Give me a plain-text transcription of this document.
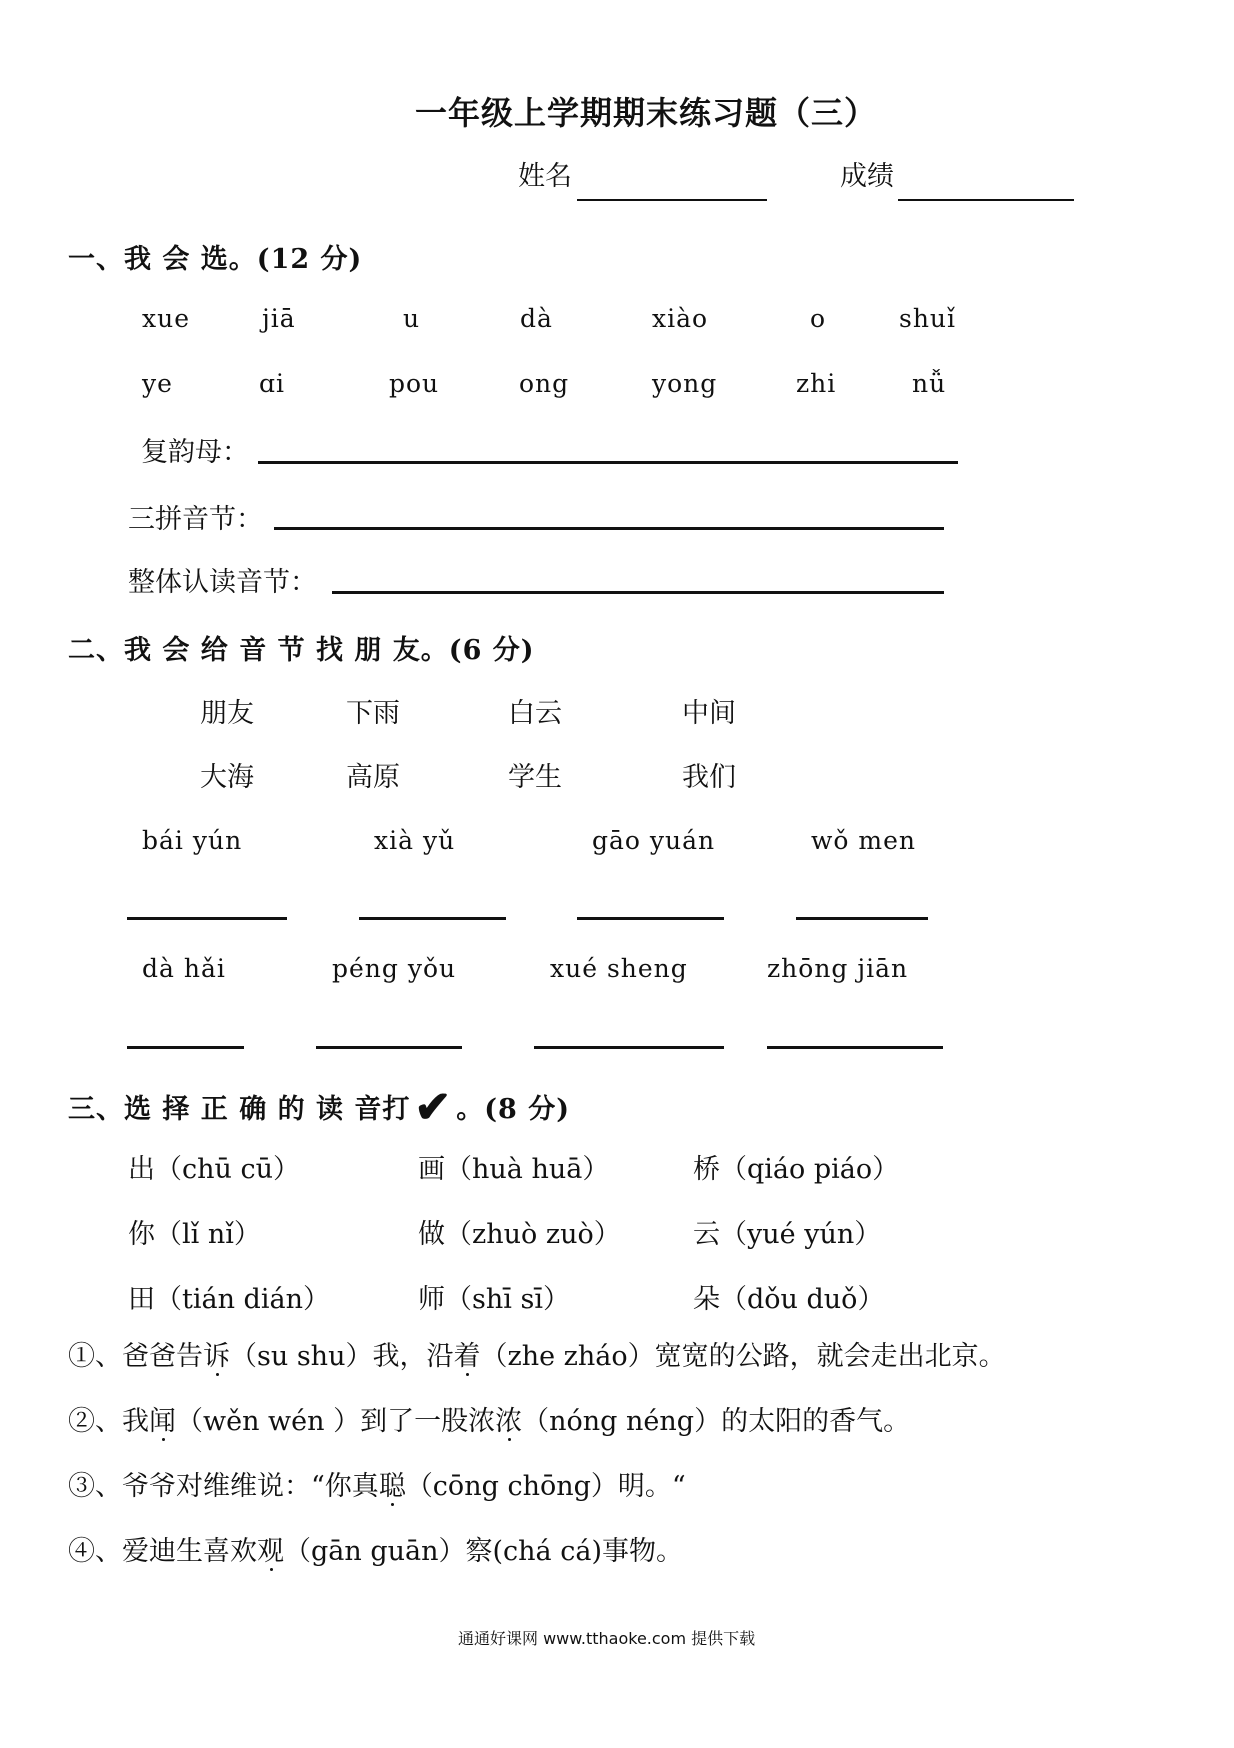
一年级上学期期末练习题（三）
姓名	成绩
一、我 会 选。(12 分)
xue	jiā	u	dà	xiào	o	shuǐ
ye	ɑi	pou	ong	yong	zhi	nǚ
复韵母：
三拼音节：
整体认读音节：
二、我 会 给 音 节 找 朋 友。(6 分)
朋友	下雨	白云	中间
大海	高原	学生	我们
bái yún	xià yǔ	gāo yuán	wǒ men
dà hǎi	péng yǒu	xué sheng	zhōng jiān
三、选 择 正 确 的 读 音打✔ 。(8 分)
出（chū cū）	画（huà huā）	桥（qiáo piáo）
你（lǐ nǐ）	做（zhuò zuò）	云（yué yún）
田（tián dián）	师（shī sī）	朵（dǒu duǒ）
①、爸爸告诉（su shu）我，沿着（zhe zháo）宽宽的公路，就会走出北京。
②、我闻（wěn wén ）到了一股浓浓（nóng néng）的太阳的香气。
③、爷爷对维维说：“你真聪（cōng chōng）明。“
④、爱迪生喜欢观（gān guān）察(chá cá)事物。
通通好课网 www.tthaoke.com 提供下载
